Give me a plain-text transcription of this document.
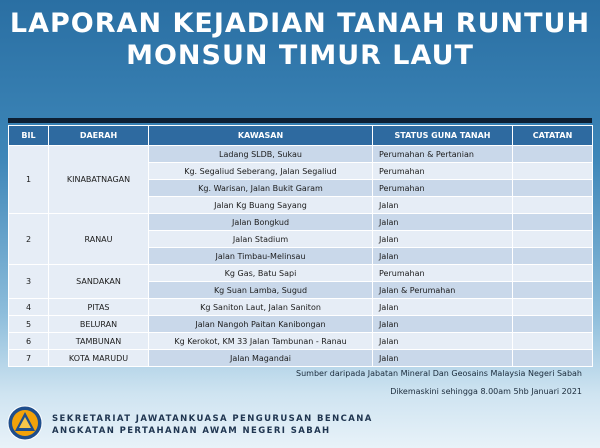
LAPORAN KEJADIAN TANAH RUNTUH
MONSUN TIMUR LAUT
BIL	DAERAH	KAWASAN	STATUS GUNA TANAH	CATATAN
1	KINABATNAGAN	Ladang SLDB, Sukau	Perumahan & Pertanian	
		Kg. Segaliud Seberang, Jalan Segaliud	Perumahan	
		Kg. Warisan, Jalan Bukit Garam	Perumahan	
		Jalan Kg Buang Sayang	Jalan	
2	RANAU	Jalan Bongkud	Jalan	
		Jalan Stadium	Jalan	
		Jalan Timbau-Melinsau	Jalan	
3	SANDAKAN	Kg Gas, Batu Sapi	Perumahan	
		Kg Suan Lamba, Sugud	Jalan & Perumahan	
4	PITAS	Kg Saniton Laut, Jalan Saniton	Jalan	
5	BELURAN	Jalan Nangoh Paitan Kanibongan	Jalan	
6	TAMBUNAN	Kg Kerokot, KM 33 Jalan Tambunan - Ranau	Jalan	
7	KOTA MARUDU	Jalan Magandai	Jalan	
Sumber daripada Jabatan Mineral Dan Geosains Malaysia Negeri Sabah
Dikemaskini sehingga 8.00am 5hb Januari 2021
SEKRETARIAT JAWATANKUASA PENGURUSAN BENCANA
ANGKATAN PERTAHANAN AWAM NEGERI SABAH
